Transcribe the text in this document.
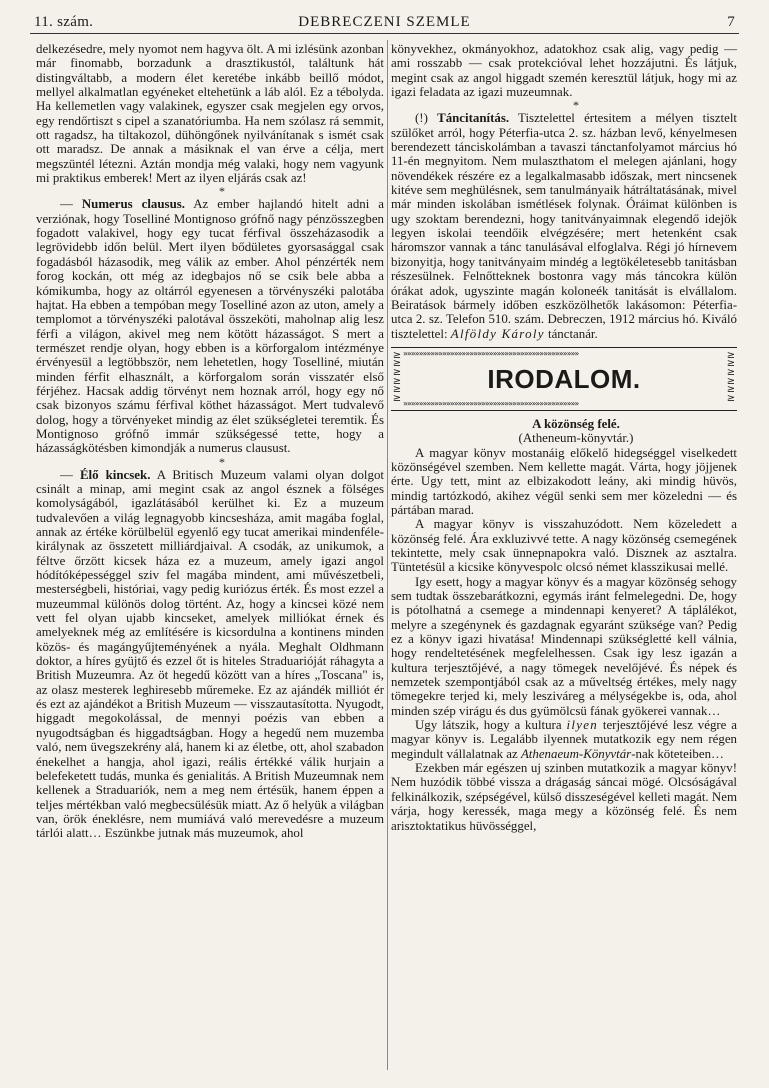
11. szám.	DEBRECZENI SZEMLE	7

delkezésedre, mely nyomot nem hagyva ölt. A mi izlésünk azonban már finomabb, borzadunk a drasztikustól, találtunk hát distingváltabb, a modern élet keretébe inkább beillő módot, mellyel alkalmatlan egyéneket eltehetünk a láb alól. Ez a tébolyda. Ha kellemetlen vagy valakinek, egyszer csak megjelen egy orvos, egy rendőrtiszt s cipel a szanatóriumba. Ha nem szólasz rá semmit, ott ragadsz, ha tiltakozol, dühöngőnek nyilvánítanak s ismét csak ott maradsz. De annak a másiknak el van érve a célja, mert megszüntél létezni. Aztán mondja még valaki, hogy nem vagyunk mi praktikus emberek! Mert az ilyen eljárás csak az!

*

— Numerus clausus. Az ember hajlandó hitelt adni a verziónak, hogy Toselliné Montignoso grófnő nagy pénzösszegben fogadott valakivel, hogy egy tucat férfival összeházasodik a legrövidebb időn belül. Mert ilyen bődületes gyorsasággal csak fogadásból házasodik, meg válik az ember. Ahol pénzérték nem forog kockán, ott még az idegbajos nő se csik bele abba a kómikumba, hogy az oltárról egyenesen a törvényszéki palotába hajtat. Ha ebben a tempóban megy Toselliné azon az uton, amely a templomot a törvényszéki palotával összeköti, maholnap alig lesz férfi a világon, akivel meg nem kötött házasságot. S mert a természet rendje olyan, hogy ebben is a körforgalom intézménye érvényesül a legtöbbször, nem lehetetlen, hogy Toselliné, miután minden férfit elhasznált, a körforgalom során visszatér első férjéhez. Hacsak addig törvényt nem hoznak arról, hogy egy nő csak bizonyos számu férfival köthet házasságot. Mert tudvalevő dolog, hogy a törvényeket mindig az élet szükségletei teremtik. És Montignoso grófnő immár szükségessé tette, hogy a házasságkötésben kimondják a numerus clausust.

*

— Élő kincsek. A Britisch Muzeum valami olyan dolgot csinált a minap, ami megint csak az angol észnek a fölséges komolyságából, igazlátásából kerülhet ki. Ez a muzeum tudvalevően a világ legnagyobb kincsesháza, amit magába foglal, annak az értéke körülbelül egyenlő egy tucat amerikai mindenféle-királynak az összetett milliárdjaival. A csodák, az unikumok, a féltve őrzött kicsek háza ez a muzeum, amely igazi angol hódítóképességgel sziv fel magába mindent, ami művészetbeli, mesterségbeli, históriai, vagy pedig kuriózus érték. És most ezzel a muzeummal különös dolog történt. Az, hogy a kincsei közé nem vett fel olyan ujabb kincseket, amelyek milliókat érnek és amelyeknek még az említésére is kicsordulna a kontinens minden közös- és magángyűjteményének a nyála. Meghalt Oldhmann doktor, a híres gyüjtő és ezzel őt is hiteles Straduarióját ráhagyta a British Muzeumra. Az öt hegedű között van a híres „Toscana" is, az olasz mesterek leghiresebb műremeke. Ez az ajándék milliót ér és ezt az ajándékot a British Muzeum — visszautasította. Nyugodt, higgadt megokolással, de mennyi poézis van ebben a nyugodtságban és higgadtságban. Hogy a hegedű nem muzemba való, nem üvegszekrény alá, hanem ki az életbe, ott, ahol szabadon énekelhet a hangja, ahol igazi, reális értékké válik hurjain a belefeketett tudás, munka és genialitás. A British Muzeumnak nem kellenek a Straduariók, nem a meg nem értésük, hanem éppen a teljes mértékban való megbecsülésük miatt. Az ő helyük a világban van, örök éneklésre, nem mumiává való merevedésre a muzeum tárlói alatt… Eszünkbe jutnak más muzeumok, ahol

könyvekhez, okmányokhoz, adatokhoz csak alig, vagy pedig — ami rosszabb — csak protekcióval lehet hozzájutni. És látjuk, megint csak az angol higgadt szemén keresztül látjuk, hogy mi az igazi feladata az igazi muzeumnak.

*

(!) Táncitanítás. Tisztelettel értesitem a mélyen tisztelt szülőket arról, hogy Péterfia-utca 2. sz. házban levő, kényelmesen berendezett tánciskolámban a tavaszi tánctanfolyamot március hó 11-én megnyitom. Nem mulaszthatom el melegen ajánlani, hogy növendékek részére ez a legalkalmasabb időszak, mert nincsenek kitéve sem meghülésnek, sem tanulmányaik hátráltatásának, mivel már minden iskolában ismétlések folynak. Óráimat különben is ugy szoktam berendezni, hogy tanitványaimnak elegendő idejök legyen iskolai teendőik elvégzésére; mert hetenként csak háromszor vannak a tánc tanulásával elfoglalva. Régi jó hírnevem bizonyitja, hogy tanitványaim mindég a legtökéletesebb tanitásban részesülnek. Felnőtteknek bostonra vagy más táncokra külön órákat adok, ugyszinte magán koloneék tanitását is elvállalom. Beiratások bármely időben eszközölhetők lakásomon: Péterfia-utca 2. sz. Telefon 510. szám. Debreczen, 1912 március hó. Kiváló tisztelettel: Alföldy Károly tánctanár.

»»»»»»»»»»»»»»»»»»»»»»»»»»»»»»»»»»»»»»»»»»»»»
≥
≥
≥
≥
≥
≥
IRODALOM.
≥
≥
≥
≥
≥
≥
»»»»»»»»»»»»»»»»»»»»»»»»»»»»»»»»»»»»»»»»»»»»»

A közönség felé.

(Atheneum-könyvtár.)

A magyar könyv mostanáig előkelő hidegséggel viselkedett közönségével szemben. Nem kellette magát. Várta, hogy jöjjenek érte. Ugy tett, mint az elbizakodott leány, aki mindig hüvös, mindig tartózkodó, akihez végül senki sem mer közeledni — és pártában marad.

A magyar könyv is visszahuzódott. Nem közeledett a közönség felé. Ára exkluzivvé tette. A nagy közönség csemegének tekintette, mely csak ünnepnapokra való. Disznek az asztalra. Tüntetésül a kicsike könyvespolc olcsó német klasszikusai mellé.

Igy esett, hogy a magyar könyv és a magyar közönség sehogy sem tudtak összebarátkozni, egymás iránt felmelegedni. De, hogy is pótolhatná a csemege a mindennapi kenyeret? A táplálékot, melyre a szegénynek és gazdagnak egyaránt szüksége van? Pedig ez a könyv igazi hivatása! Mindennapi szükségletté kell válnia, hogy rendeltetésének megfelelhessen. Csak igy lesz igazán a kultura terjesztőjévé, a nagy tömegek nevelőjévé. És népek és nemzetek szempontjából csak az a műveltség értékes, mely nagy tömegekre terjed ki, mely lesziváreg a mélységekbe is, oda, ahol minden szép virágu és dus gyümölcsü fának gyökerei vannak…

Ugy látszik, hogy a kultura ilyen terjesztőjévé lesz végre a magyar könyv is. Legalább ilyennek mutatkozik egy nem régen megindult vállalatnak az Athenaeum-Könyvtár-nak köteteiben…

Ezekben már egészen uj szinben mutatkozik a magyar könyv! Nem huzódik többé vissza a drágaság sáncai mögé. Olcsóságával felkinálkozik, szépségével, külső disszeségével kelleti magát. Nem várja, hogy keressék, maga megy a közönség felé. És nem arisztoktatikus hüvösséggel,
